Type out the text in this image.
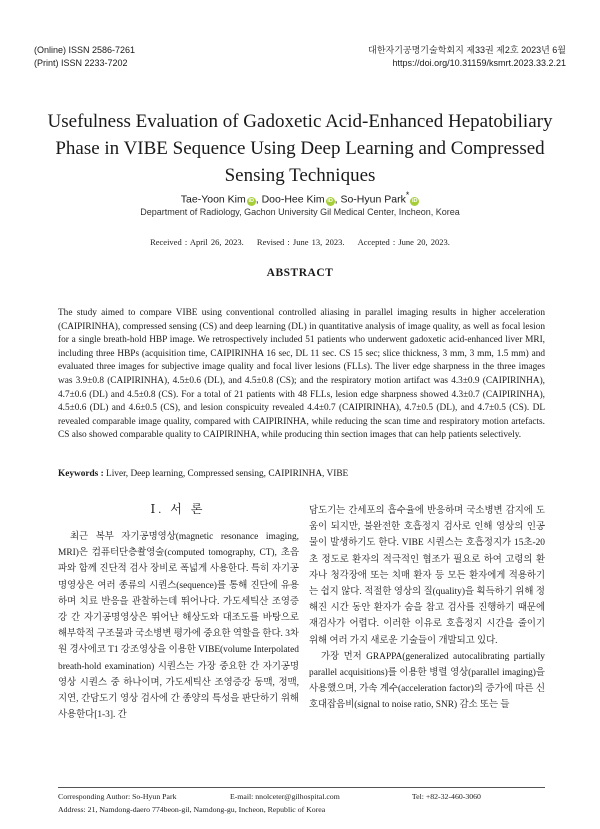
(Online) ISSN 2586-7261
(Print) ISSN 2233-7202
대한자기공명기술학회지 제33권 제2호 2023년 6월
https://doi.org/10.31159/ksmrt.2023.33.2.21
Usefulness Evaluation of Gadoxetic Acid-Enhanced Hepatobiliary Phase in VIBE Sequence Using Deep Learning and Compressed Sensing Techniques
Tae-Yoon Kim iD , Doo-Hee Kim iD , So-Hyun Park*iD
Department of Radiology, Gachon University Gil Medical Center, Incheon, Korea
Received : April 26, 2023. Revised : June 13, 2023. Accepted : June 20, 2023.
ABSTRACT
The study aimed to compare VIBE using conventional controlled aliasing in parallel imaging results in higher acceleration (CAIPIRINHA), compressed sensing (CS) and deep learning (DL) in quantitative analysis of image quality, as well as focal lesion for a single breath-hold HBP image. We retrospectively included 51 patients who underwent gadoxetic acid-enhanced liver MRI, including three HBPs (acquisition time, CAIPIRINHA 16 sec, DL 11 sec. CS 15 sec; slice thickness, 3 mm, 3 mm, 1.5 mm) and evaluated three images for subjective image quality and focal liver lesions (FLLs). The liver edge sharpness in the three images was 3.9±0.8 (CAIPIRINHA), 4.5±0.6 (DL), and 4.5±0.8 (CS); and the respiratory motion artifact was 4.3±0.9 (CAIPIRINHA), 4.7±0.6 (DL) and 4.5±0.8 (CS). For a total of 21 patients with 48 FLLs, lesion edge sharpness showed 4.3±0.7 (CAIPIRINHA), 4.5±0.6 (DL) and 4.6±0.5 (CS), and lesion conspicuity revealed 4.4±0.7 (CAIPIRINHA), 4.7±0.5 (DL), and 4.7±0.5 (CS). DL revealed comparable image quality, compared with CAIPIRINHA, while reducing the scan time and respiratory motion artefacts. CS also showed comparable quality to CAIPIRINHA, while producing thin section images that can help patients selectively.
Keywords : Liver, Deep learning, Compressed sensing, CAIPIRINHA, VIBE
Ⅰ. 서 론

최근 복부 자기공명영상(magnetic resonance imaging, MRI)은 컴퓨터단층촬영술(computed tomography, CT), 초음파와 함께 진단적 검사 장비로 폭넓게 사용한다. 특히 자기공명영상은 여러 종류의 시퀀스(sequence)를 통해 진단에 유용하며 치료 반응을 관찰하는데 뛰어나다. 가도세틱산 조영증강 간 자기공명영상은 뛰어난 해상도와 대조도를 바탕으로 해부학적 구조물과 국소병변 평가에 중요한 역할을 한다. 3차원 경사에코 T1 강조영상을 이용한 VIBE(volume Interpolated breath-hold examination) 시퀀스는 가장 중요한 간 자기공명영상 시퀀스 중 하나이며, 가도세틱산 조영증강 동맥, 정맥, 지연, 간담도기 영상 검사에 간 종양의 특성을 판단하기 위해 사용한다[1-3]. 간

담도기는 간세포의 흡수율에 반응하며 국소병변 감지에 도움이 되지만, 불완전한 호흡정지 검사로 인해 영상의 인공물이 발생하기도 한다. VIBE 시퀀스는 호흡정지가 15초-20초 정도로 환자의 적극적인 협조가 필요로 하여 고령의 환자나 청각장애 또는 치매 환자 등 모든 환자에게 적용하기는 쉽지 않다. 적절한 영상의 질(quality)을 획득하기 위해 정해진 시간 동안 환자가 숨을 참고 검사를 진행하기 때문에 재검사가 어렵다. 이러한 이유로 호흡정지 시간을 줄이기 위해 여러 가지 새로운 기술들이 개발되고 있다.

가장 먼저 GRAPPA(generalized autocalibrating partially parallel acquisitions)를 이용한 병렬 영상(parallel imaging)을 사용했으며, 가속 계수(acceleration factor)의 증가에 따른 신호대잡음비(signal to noise ratio, SNR) 감소 또는 들

Corresponding Author: So-Hyun Park	E-mail: nnolceter@gilhospital.com	Tel: +82-32-460-3060
Address: 21, Namdong-daero 774beon-gil, Namdong-gu, Incheon, Republic of Korea
